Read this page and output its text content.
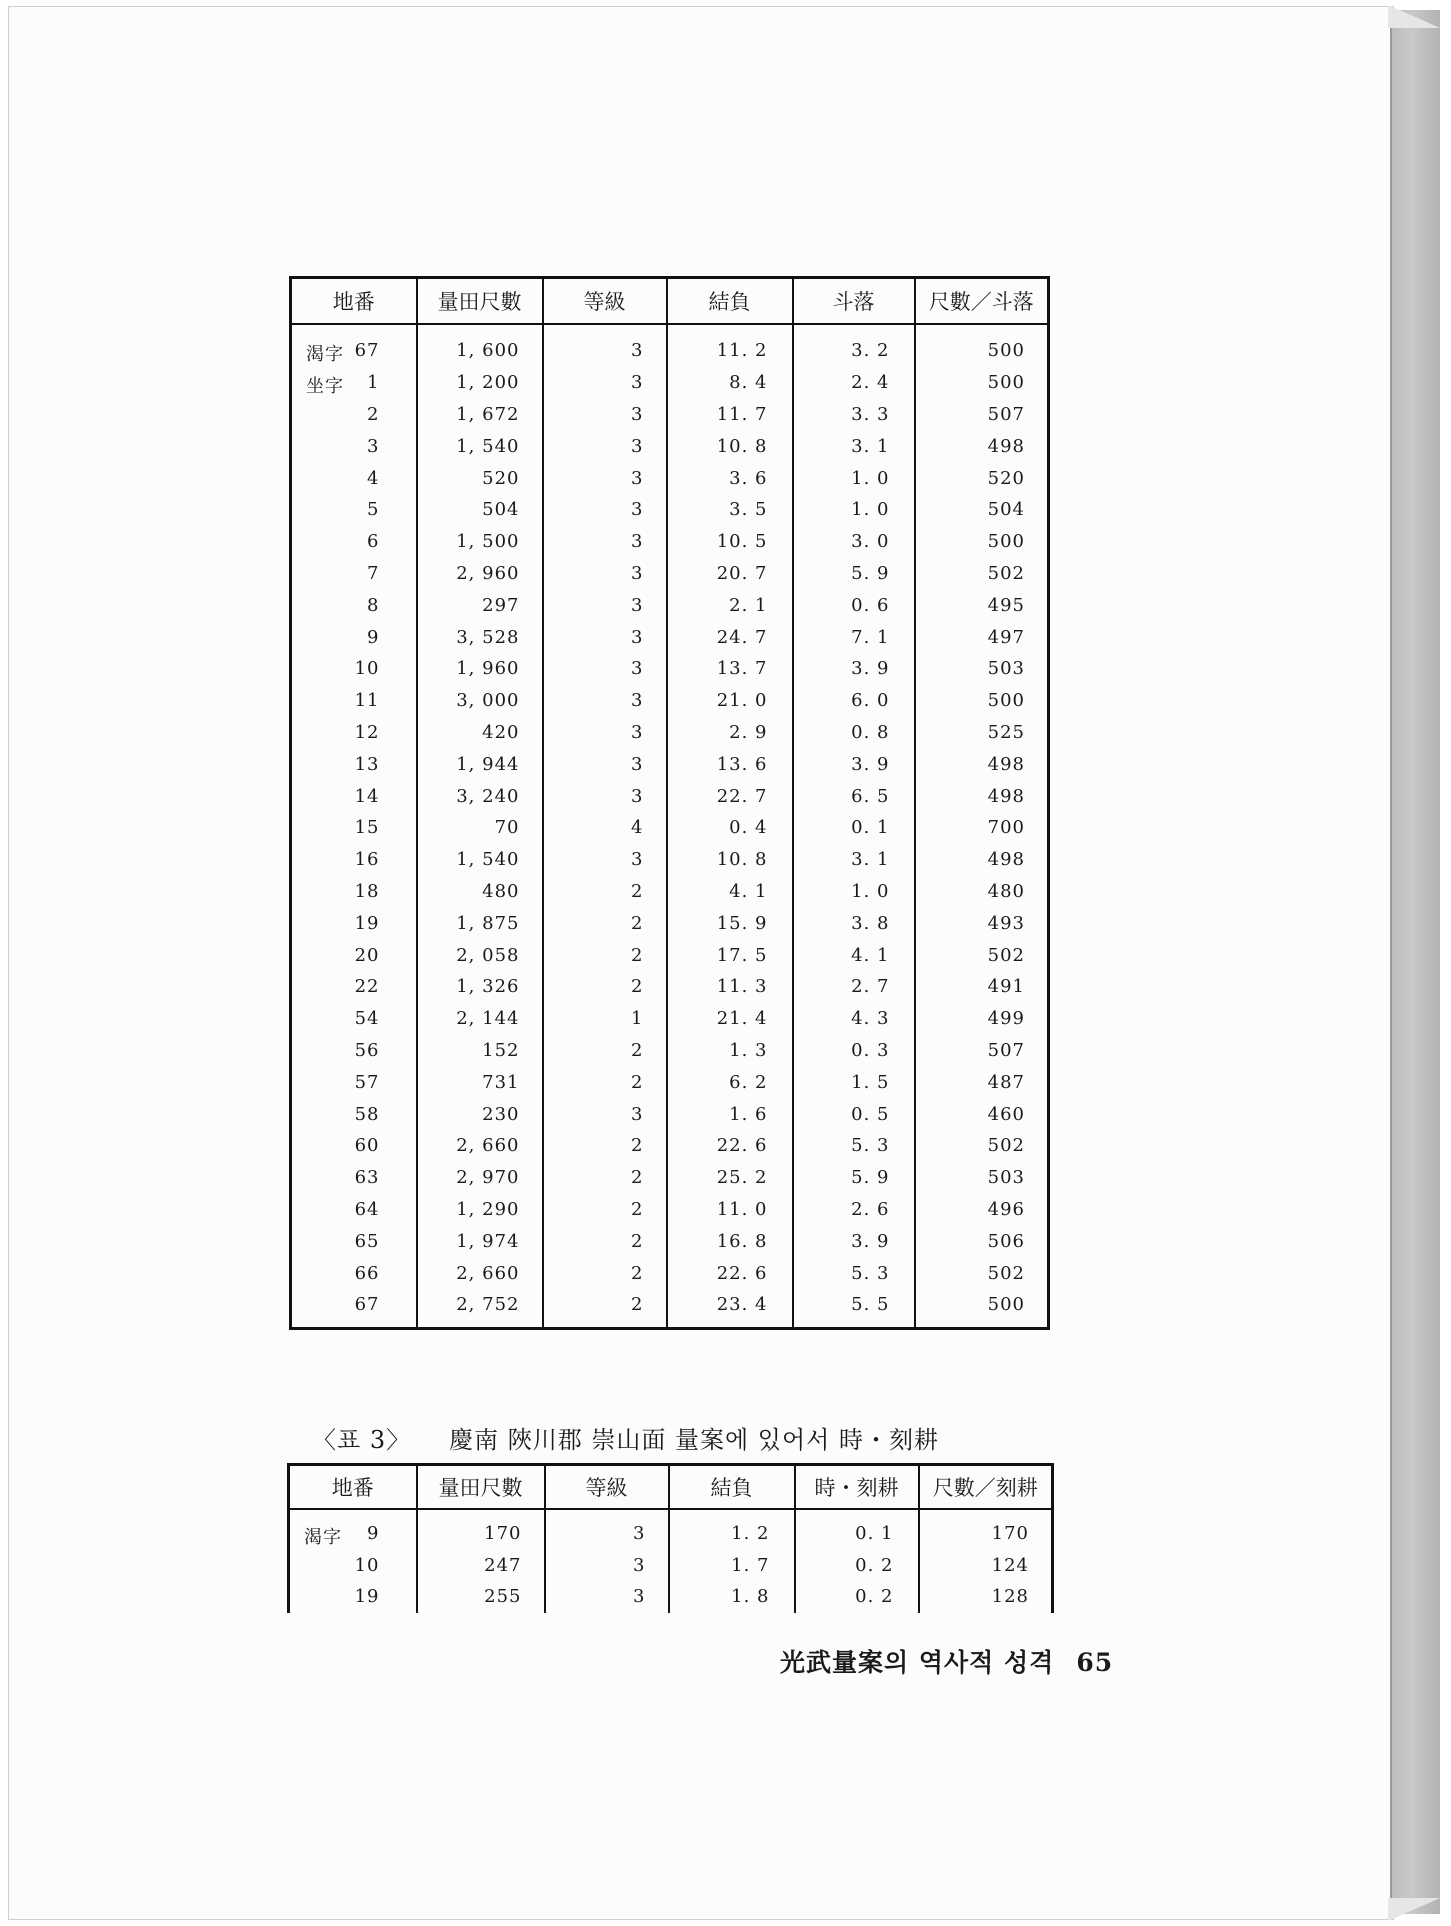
地番	量田尺數	等級	結負	斗落	尺數／斗落

渴字 67	1, 600	3	11. 2	3. 2	500

坐字 1	1, 200	3	8. 4	2. 4	500

2	1, 672	3	11. 7	3. 3	507

3	1, 540	3	10. 8	3. 1	498

4	520	3	3. 6	1. 0	520

5	504	3	3. 5	1. 0	504

6	1, 500	3	10. 5	3. 0	500

7	2, 960	3	20. 7	5. 9	502

8	297	3	2. 1	0. 6	495

9	3, 528	3	24. 7	7. 1	497

10	1, 960	3	13. 7	3. 9	503

11	3, 000	3	21. 0	6. 0	500

12	420	3	2. 9	0. 8	525

13	1, 944	3	13. 6	3. 9	498

14	3, 240	3	22. 7	6. 5	498

15	70	4	0. 4	0. 1	700

16	1, 540	3	10. 8	3. 1	498

18	480	2	4. 1	1. 0	480

19	1, 875	2	15. 9	3. 8	493

20	2, 058	2	17. 5	4. 1	502

22	1, 326	2	11. 3	2. 7	491

54	2, 144	1	21. 4	4. 3	499

56	152	2	1. 3	0. 3	507

57	731	2	6. 2	1. 5	487

58	230	3	1. 6	0. 5	460

60	2, 660	2	22. 6	5. 3	502

63	2, 970	2	25. 2	5. 9	503

64	1, 290	2	11. 0	2. 6	496

65	1, 974	2	16. 8	3. 9	506

66	2, 660	2	22. 6	5. 3	502

67	2, 752	2	23. 4	5. 5	500
〈표 3〉 慶南 陜川郡 崇山面 量案에 있어서 時・刻耕
地番	量田尺數	等級	結負	時・刻耕	尺數／刻耕

渴字 9	170	3	1. 2	0. 1	170

10	247	3	1. 7	0. 2	124

19	255	3	1. 8	0. 2	128
光武量案의 역사적 성격 65
